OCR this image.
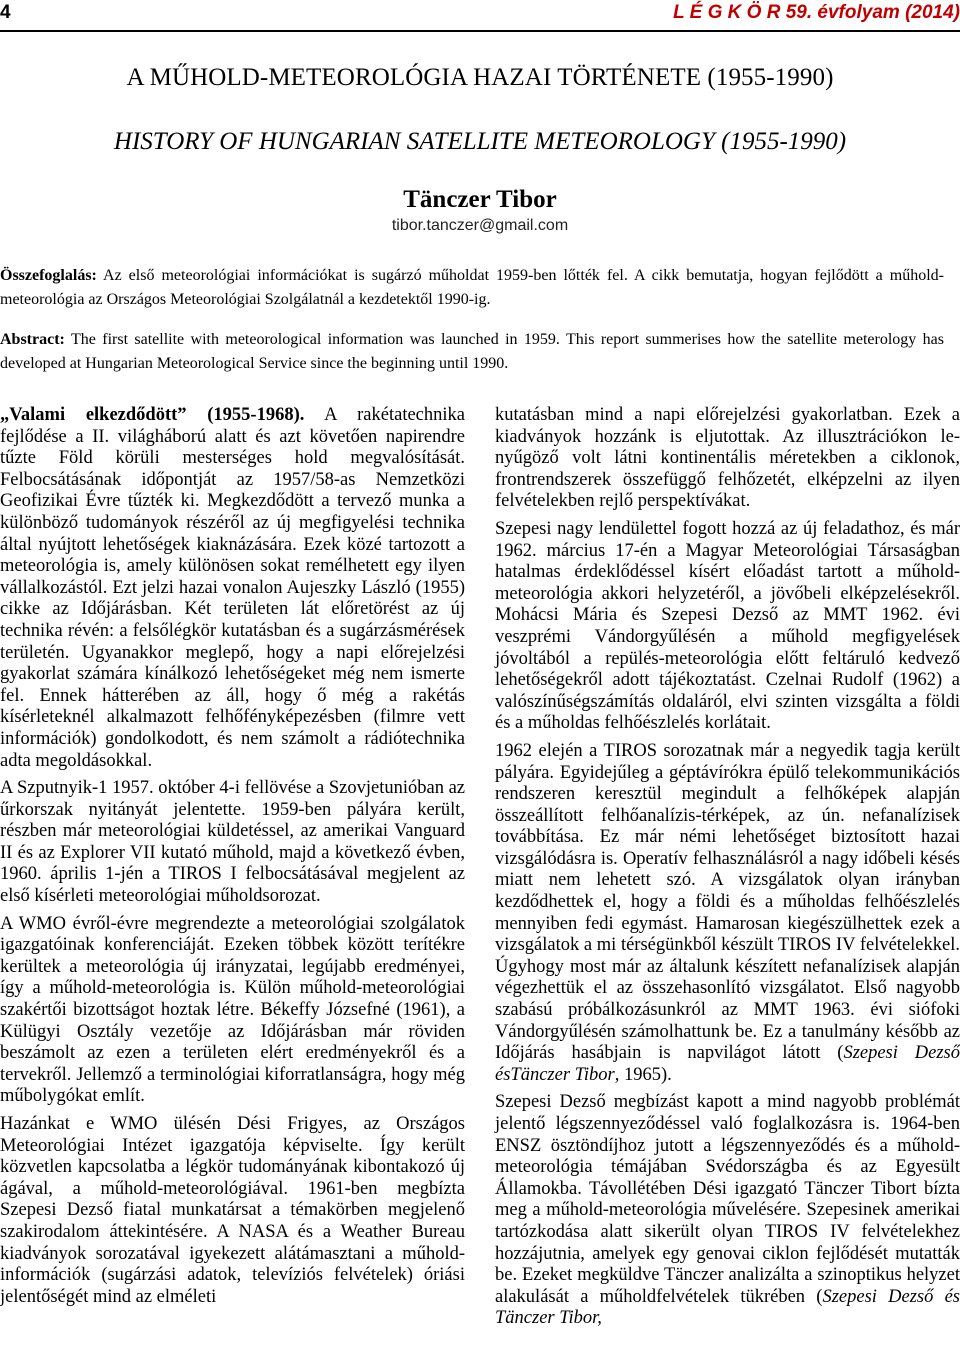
4	L É G K Ö R 59. évfolyam (2014)
A MŰHOLD-METEOROLÓGIA HAZAI TÖRTÉNETE (1955-1990)
HISTORY OF HUNGARIAN SATELLITE METEOROLOGY (1955-1990)
Tänczer Tibor
tibor.tanczer@gmail.com
Összefoglalás: Az első meteorológiai információkat is sugárzó műholdat 1959-ben lőtték fel. A cikk bemutatja, hogyan fejlődött a műhold-meteorológia az Országos Meteorológiai Szolgálatnál a kezdetektől 1990-ig.
Abstract: The first satellite with meteorological information was launched in 1959. This report summerises how the satellite meterology has developed at Hungarian Meteorological Service since the beginning until 1990.

„Valami elkezdődött” (1955-1968). A rakétatechnika fejlődése a II. világháború alatt és azt követően napirendre tűzte Föld körüli mesterséges hold megvalósítását. Felbocsátásának időpontját az 1957/58-as Nemzetközi Geofizikai Évre tűzték ki. Megkezdődött a tervező munka a különböző tudományok részéről az új megfigyelési technika által nyújtott lehetőségek kiaknázására. Ezek közé tartozott a meteorológia is, amely különösen sokat remélhetett egy ilyen vállalkozástól. Ezt jelzi hazai vonalon Aujeszky László (1955) cikke az Időjárásban. Két területen lát előretörést az új technika révén: a felsőlégkör kutatásban és a sugárzásmérések területén. Ugyanakkor meglepő, hogy a napi előrejelzési gyakorlat számára kínálkozó lehetőségeket még nem ismerte fel. Ennek hátterében az áll, hogy ő még a rakétás kísérleteknél alkalmazott felhőfényképezésben (filmre vett információk) gondolkodott, és nem számolt a rádiótechnika adta megoldásokkal.

A Szputnyik-1 1957. október 4-i fellövése a Szovjetunióban az űrkorszak nyitányát jelentette. 1959-ben pályára került, részben már meteorológiai küldetéssel, az amerikai Vanguard II és az Explorer VII kutató műhold, majd a következő évben, 1960. április 1-jén a TIROS I felbocsátásával megjelent az első kísérleti meteorológiai műholdsorozat.

A WMO évről-évre megrendezte a meteorológiai szolgálatok igazgatóinak konferenciáját. Ezeken többek között terítékre kerültek a meteorológia új irányzatai, legújabb eredményei, így a műhold-meteorológia is. Külön műhold-meteorológiai szakértői bizottságot hoztak létre. Békeffy Józsefné (1961), a Külügyi Osztály vezetője az Időjárásban már röviden beszámolt az ezen a területen elért eredményekről és a tervekről. Jellemző a terminológiai kiforratlanságra, hogy még műbolygókat említ.

Hazánkat e WMO ülésén Dési Frigyes, az Országos Meteorológiai Intézet igazgatója képviselte. Így került közvetlen kapcsolatba a légkör tudományának kibontakozó új ágával, a műhold-meteorológiával. 1961-ben megbízta Szepesi Dezső fiatal munkatársat a témakörben megjelenő szakirodalom áttekintésére. A NASA és a Weather Bureau kiadványok sorozatával igyekezett alátámasztani a műhold-információk (sugárzási adatok, televíziós felvételek) óriási jelentőségét mind az elméleti

kutatásban mind a napi előrejelzési gyakorlatban. Ezek a kiadványok hozzánk is eljutottak. Az illusztrációkon lenyűgöző volt látni kontinentális méretekben a ciklonok, frontrendszerek összefüggő felhőzetét, elképzelni az ilyen felvételekben rejlő perspektívákat.

Szepesi nagy lendülettel fogott hozzá az új feladathoz, és már 1962. március 17-én a Magyar Meteorológiai Társaságban hatalmas érdeklődéssel kísért előadást tartott a műhold-meteorológia akkori helyzetéről, a jövőbeli elképzelésekről. Mohácsi Mária és Szepesi Dezső az MMT 1962. évi veszprémi Vándorgyűlésén a műhold megfigyelések jóvoltából a repülés-meteorológia előtt feltáruló kedvező lehetőségekről adott tájékoztatást. Czelnai Rudolf (1962) a valószínűségszámítás oldaláról, elvi szinten vizsgálta a földi és a műholdas felhőészlelés korlátait.

1962 elején a TIROS sorozatnak már a negyedik tagja került pályára. Egyidejűleg a géptávírókra épülő telekommunikációs rendszeren keresztül megindult a felhőképek alapján összeállított felhőanalízis-térképek, az ún. nefanalízisek továbbítása. Ez már némi lehetőséget biztosított hazai vizsgálódásra is. Operatív felhasználásról a nagy időbeli késés miatt nem lehetett szó. A vizsgálatok olyan irányban kezdődhettek el, hogy a földi és a műholdas felhőészlelés mennyiben fedi egymást. Hamarosan kiegészülhettek ezek a vizsgálatok a mi térségünkből készült TIROS IV felvételekkel. Úgyhogy most már az általunk készített nefanalízisek alapján végezhettük el az összehasonlító vizsgálatot. Első nagyobb szabású próbálkozásunkról az MMT 1963. évi siófoki Vándorgyűlésén számolhattunk be. Ez a tanulmány később az Időjárás hasábjain is napvilágot látott (Szepesi Dezső ésTänczer Tibor, 1965).

Szepesi Dezső megbízást kapott a mind nagyobb problémát jelentő légszennyeződéssel való foglalkozásra is. 1964-ben ENSZ ösztöndíjhoz jutott a légszennyeződés és a műhold-meteorológia témájában Svédországba és az Egyesült Államokba. Távollétében Dési igazgató Tänczer Tibort bízta meg a műhold-meteorológia művelésére. Szepesinek amerikai tartózkodása alatt sikerült olyan TIROS IV felvételekhez hozzájutnia, amelyek egy genovai ciklon fejlődését mutatták be. Ezeket megküldve Tänczer analizálta a szinoptikus helyzet alakulását a műholdfelvételek tükrében (Szepesi Dezső és Tänczer Tibor,
